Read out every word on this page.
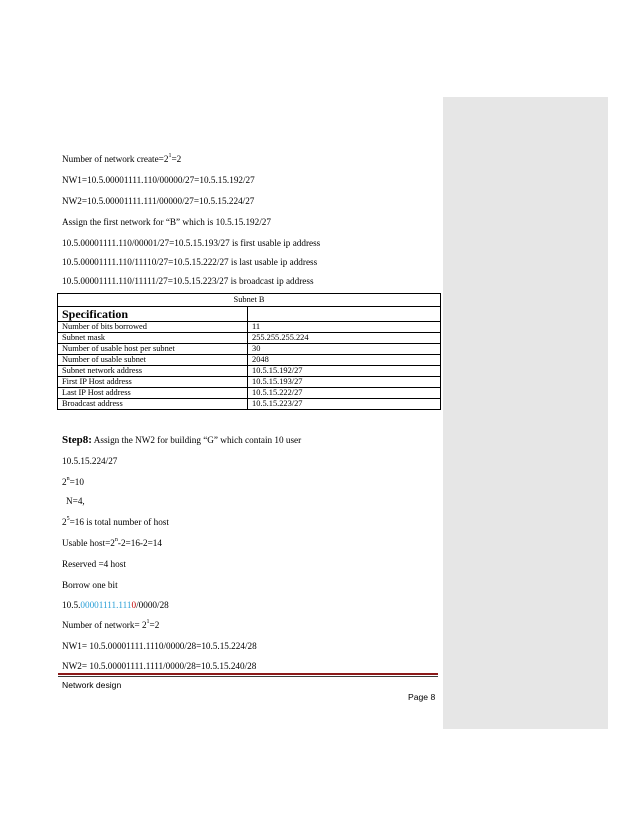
Number of network $create=2^1=2$

NW1=10.5.00001111.110/00000/27=10.5.15.192/27

NW2=10.5.00001111.111/00000/27=10.5.15.224/27

Assign the first network for “B” which is 10.5.15.192/27

10.5.00001111.110/00001/27=10.5.15.193/27 is first usable ip address

10.5.00001111.110/11110/27=10.5.15.222/27 is last usable ip address

10.5.00001111.110/11111/27=10.5.15.223/27 is broadcast ip address

Step8: Assign the NW2 for building “G” which contain 10 user

10.5.15.224/27

$2^n=10$

N=4,

$2^5=16$ is total number of host

Usable $host=2^n-2=16-2=14$

Reserved =4 host

Borrow one bit

10.5.00001111.1110/0000/28

Number of network= $2^1=2$

NW1= 10.5.00001111.1110/0000/28=10.5.15.224/28

NW2= 10.5.00001111.1111/0000/28=10.5.15.240/28

Subnet B	
Specification	
Number of bits borrowed	11
Subnet mask	255.255.255.224
Number of usable host per subnet	30
Number of usable subnet	2048
Subnet network address	10.5.15.192/27
First IP Host address	10.5.15.193/27
Last IP Host address	10.5.15.222/27
Broadcast address	10.5.15.223/27
Network design
Page 8
